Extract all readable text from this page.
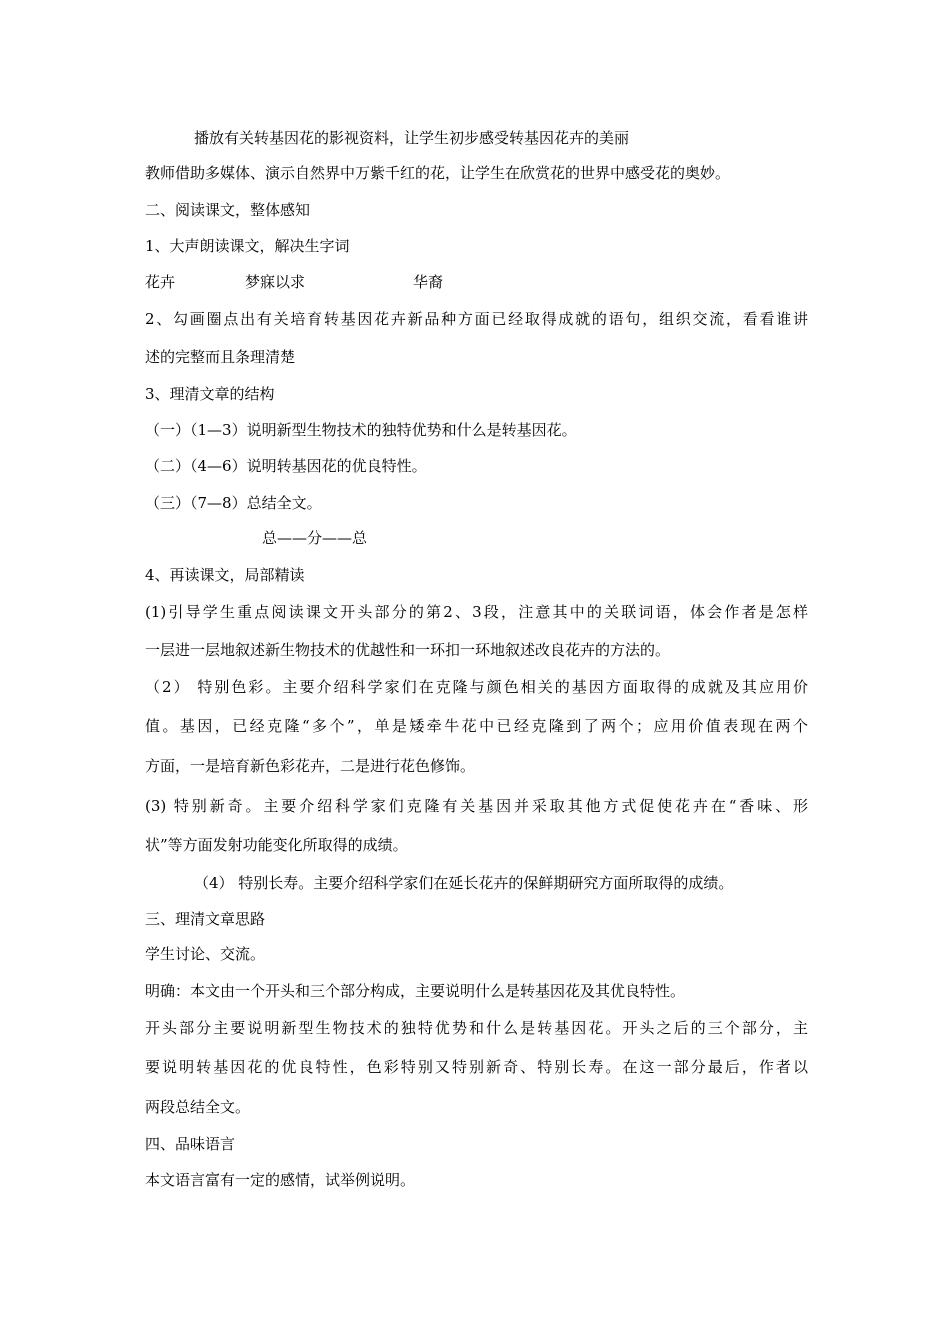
播放有关转基因花的影视资料，让学生初步感受转基因花卉的美丽
教师借助多媒体、演示自然界中万紫千红的花，让学生在欣赏花的世界中感受花的奥妙。
二、阅读课文，整体感知
1、大声朗读课文，解决生字词
花卉	梦寐以求	华裔
2、勾画圈点出有关培育转基因花卉新品种方面已经取得成就的语句，组织交流，看看谁讲
述的完整而且条理清楚
3、理清文章的结构
（一）（1—3）说明新型生物技术的独特优势和什么是转基因花。
（二）（4—6）说明转基因花的优良特性。
（三）（7—8）总结全文。
总——分——总
4、再读课文，局部精读
(1)引导学生重点阅读课文开头部分的第2、3段，注意其中的关联词语，体会作者是怎样
一层进一层地叙述新生物技术的优越性和一环扣一环地叙述改良花卉的方法的。
（2） 特别色彩。主要介绍科学家们在克隆与颜色相关的基因方面取得的成就及其应用价
值。基因，已经克隆“多个”，单是矮牵牛花中已经克隆到了两个；应用价值表现在两个
方面，一是培育新色彩花卉，二是进行花色修饰。
(3) 特别新奇。主要介绍科学家们克隆有关基因并采取其他方式促使花卉在“香味、形
状”等方面发射功能变化所取得的成绩。
（4） 特别长寿。主要介绍科学家们在延长花卉的保鲜期研究方面所取得的成绩。
三、理清文章思路
学生讨论、交流。
明确：本文由一个开头和三个部分构成，主要说明什么是转基因花及其优良特性。
开头部分主要说明新型生物技术的独特优势和什么是转基因花。开头之后的三个部分，主
要说明转基因花的优良特性，色彩特别又特别新奇、特别长寿。在这一部分最后，作者以
两段总结全文。
四、品味语言
本文语言富有一定的感情，试举例说明。
